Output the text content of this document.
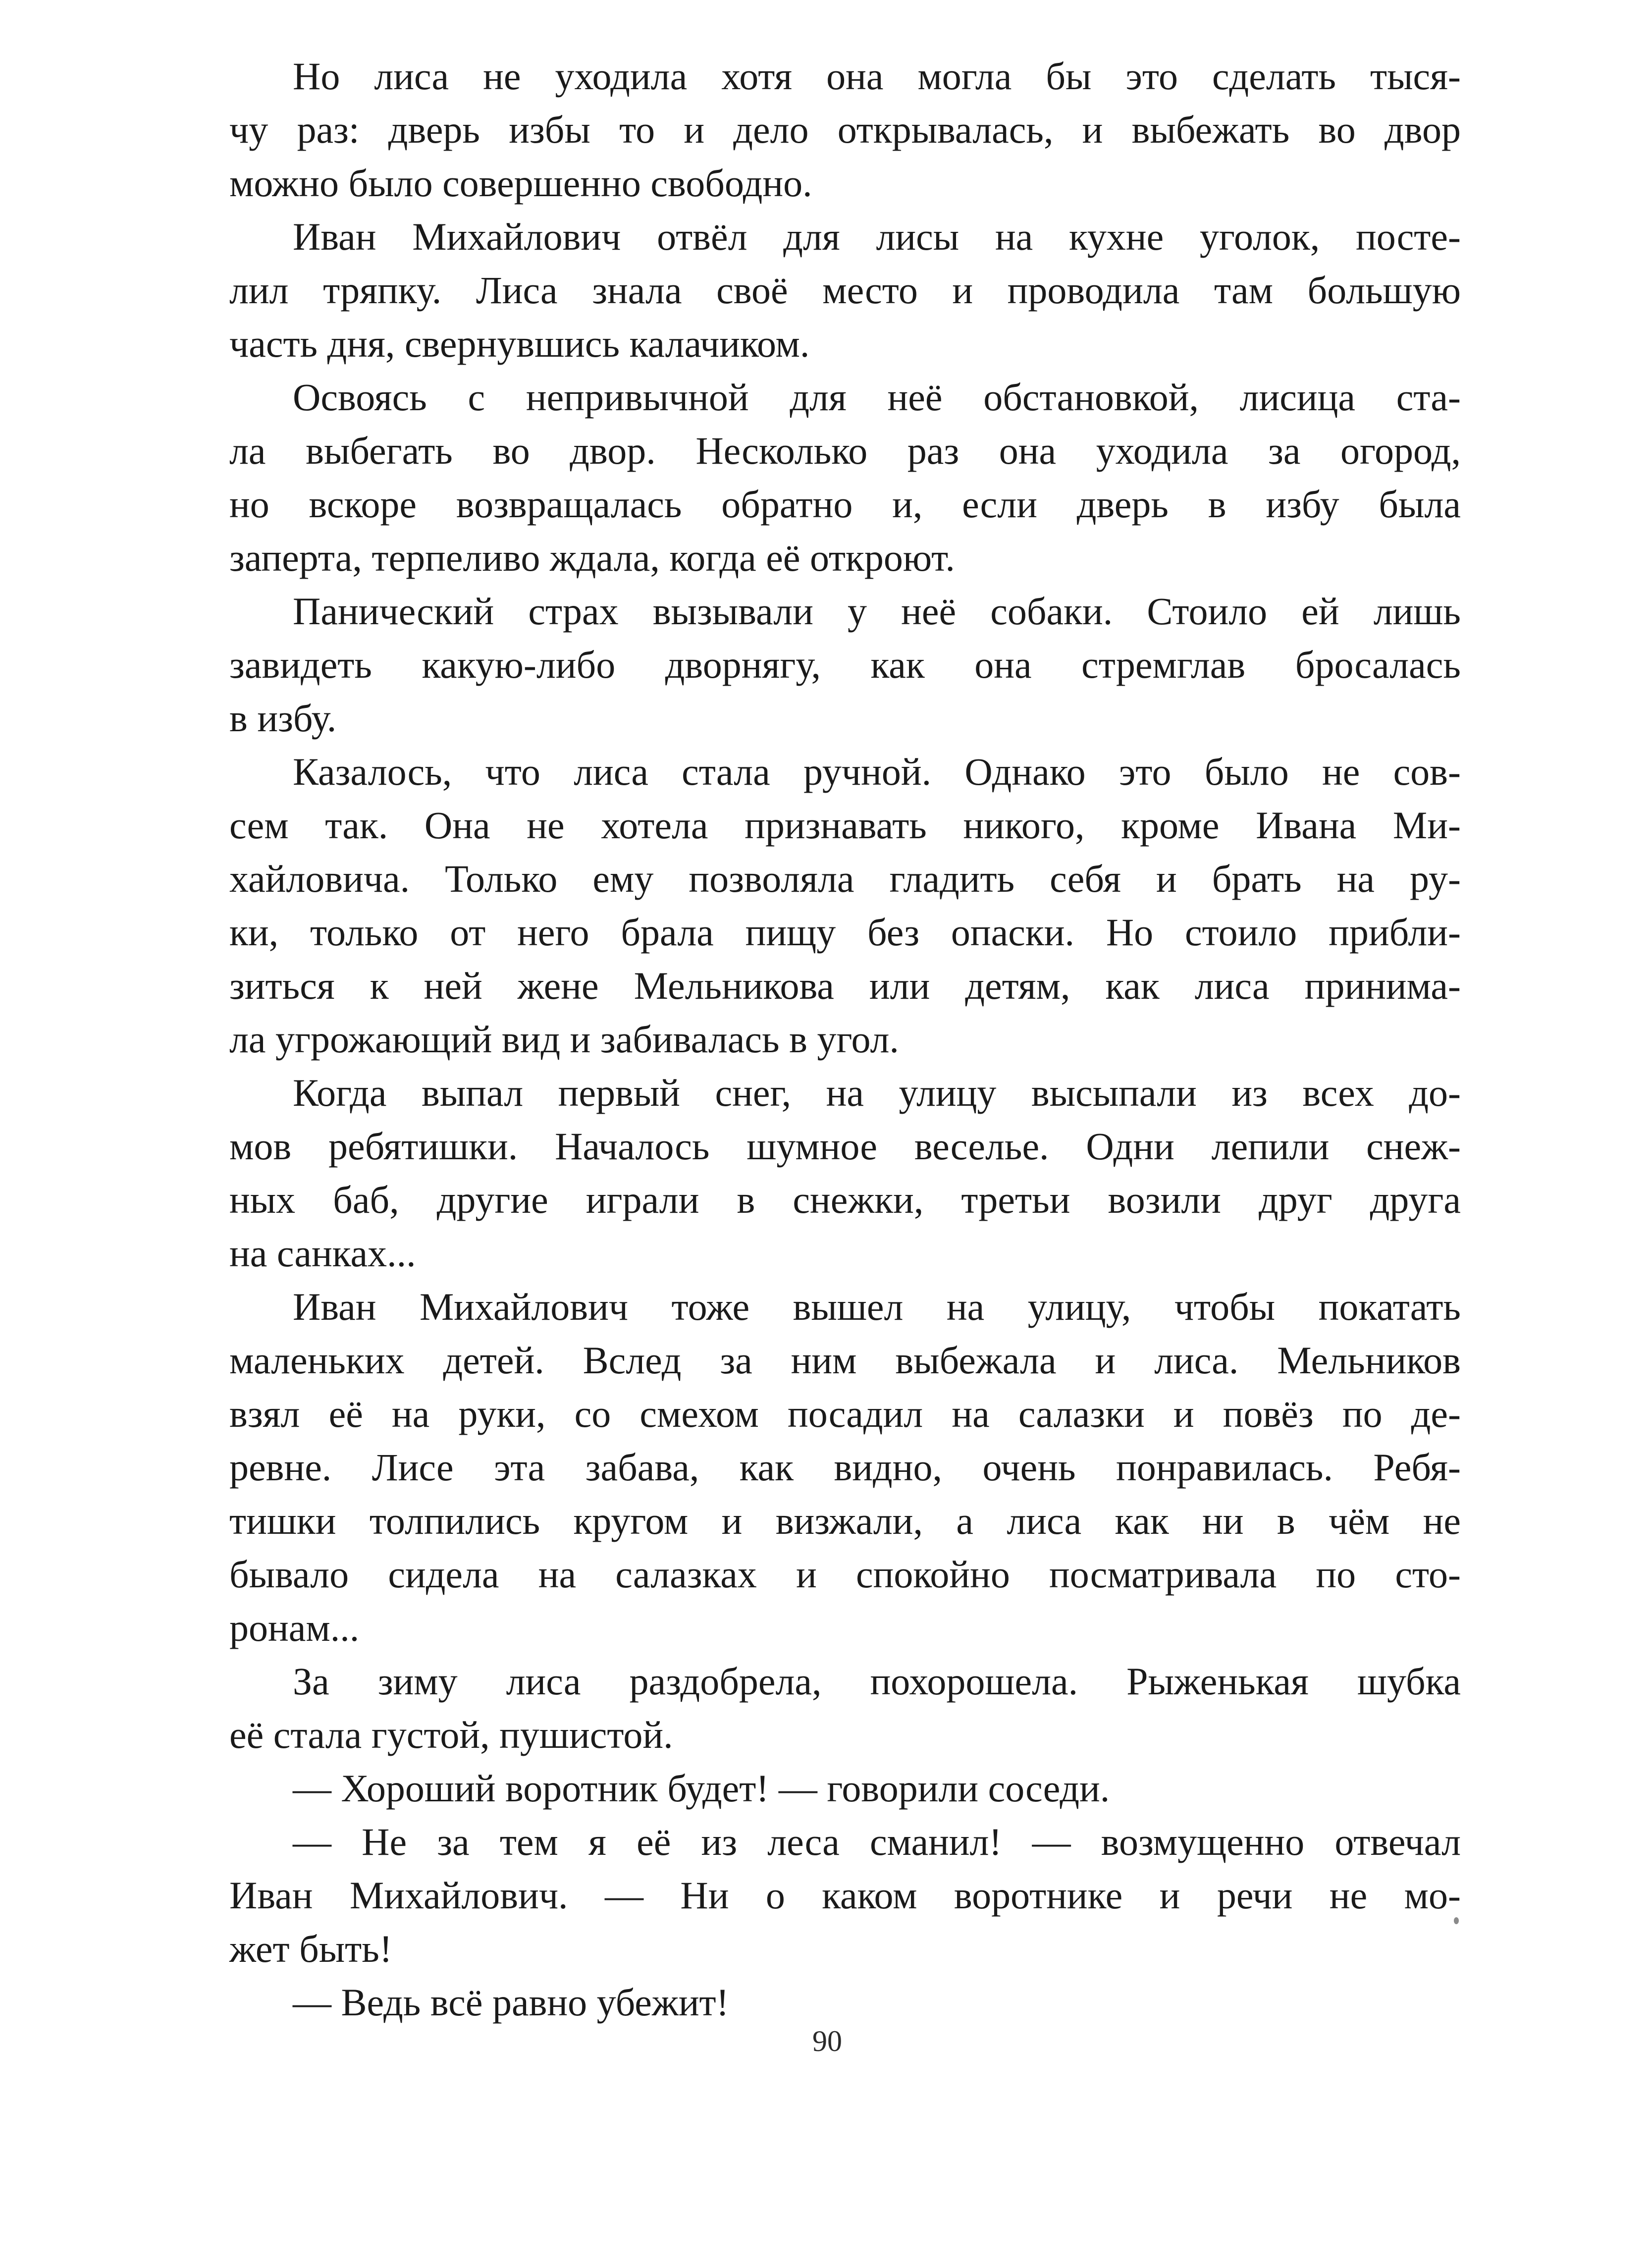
Но лиса не уходила хотя она могла бы это сделать тыся-
чу раз: дверь избы то и дело открывалась, и выбежать во двор
можно было совершенно свободно.
Иван Михайлович отвёл для лисы на кухне уголок, посте-
лил тряпку. Лиса знала своё место и проводила там большую
часть дня, свернувшись калачиком.
Освоясь с непривычной для неё обстановкой, лисица ста-
ла выбегать во двор. Несколько раз она уходила за огород,
но вскоре возвращалась обратно и, если дверь в избу была
заперта, терпеливо ждала, когда её откроют.
Панический страх вызывали у неё собаки. Стоило ей лишь
завидеть какую-либо дворнягу, как она стремглав бросалась
в избу.
Казалось, что лиса стала ручной. Однако это было не сов-
сем так. Она не хотела признавать никого, кроме Ивана Ми-
хайловича. Только ему позволяла гладить себя и брать на ру-
ки, только от него брала пищу без опаски. Но стоило прибли-
зиться к ней жене Мельникова или детям, как лиса принима-
ла угрожающий вид и забивалась в угол.
Когда выпал первый снег, на улицу высыпали из всех до-
мов ребятишки. Началось шумное веселье. Одни лепили снеж-
ных баб, другие играли в снежки, третьи возили друг друга
на санках...
Иван Михайлович тоже вышел на улицу, чтобы покатать
маленьких детей. Вслед за ним выбежала и лиса. Мельников
взял её на руки, со смехом посадил на салазки и повёз по де-
ревне. Лисе эта забава, как видно, очень понравилась. Ребя-
тишки толпились кругом и визжали, а лиса как ни в чём не
бывало сидела на салазках и спокойно посматривала по сто-
ронам...
За зиму лиса раздобрела, похорошела. Рыженькая шубка
её стала густой, пушистой.
— Хороший воротник будет! — говорили соседи.
— Не за тем я её из леса сманил! — возмущенно отвечал
Иван Михайлович. — Ни о каком воротнике и речи не мо-
жет быть!
— Ведь всё равно убежит!
90
